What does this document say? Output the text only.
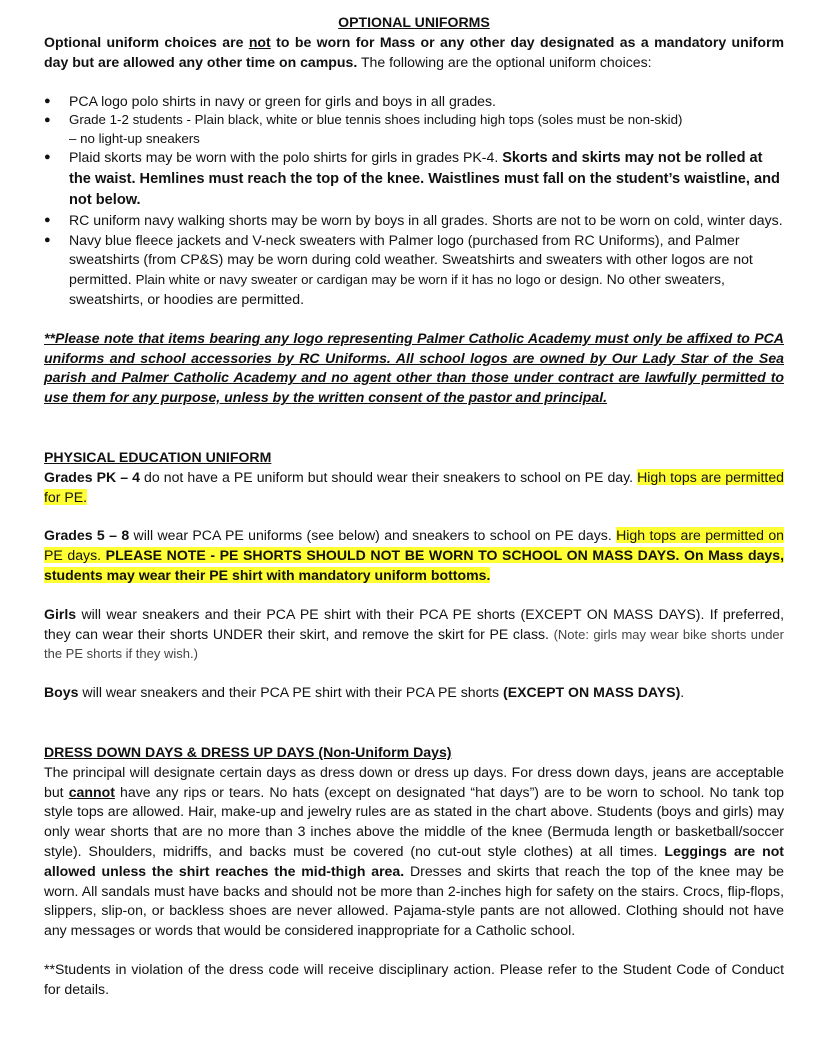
OPTIONAL UNIFORMS
Optional uniform choices are not to be worn for Mass or any other day designated as a mandatory uniform day but are allowed any other time on campus. The following are the optional uniform choices:
● PCA logo polo shirts in navy or green for girls and boys in all grades.
● Grade 1-2 students - Plain black, white or blue tennis shoes including high tops (soles must be non-skid)
– no light-up sneakers
● Plaid skorts may be worn with the polo shirts for girls in grades PK-4. Skorts and skirts may not be rolled at the waist. Hemlines must reach the top of the knee. Waistlines must fall on the student’s waistline, and not below.
● RC uniform navy walking shorts may be worn by boys in all grades. Shorts are not to be worn on cold, winter days.
● Navy blue fleece jackets and V-neck sweaters with Palmer logo (purchased from RC Uniforms), and Palmer sweatshirts (from CP&S) may be worn during cold weather. Sweatshirts and sweaters with other logos are not permitted. Plain white or navy sweater or cardigan may be worn if it has no logo or design. No other sweaters, sweatshirts, or hoodies are permitted.
**Please note that items bearing any logo representing Palmer Catholic Academy must only be affixed to PCA uniforms and school accessories by RC Uniforms. All school logos are owned by Our Lady Star of the Sea parish and Palmer Catholic Academy and no agent other than those under contract are lawfully permitted to use them for any purpose, unless by the written consent of the pastor and principal.
PHYSICAL EDUCATION UNIFORM
Grades PK – 4 do not have a PE uniform but should wear their sneakers to school on PE day. High tops are permitted for PE.
Grades 5 – 8 will wear PCA PE uniforms (see below) and sneakers to school on PE days. High tops are permitted on PE days. PLEASE NOTE - PE SHORTS SHOULD NOT BE WORN TO SCHOOL ON MASS DAYS. On Mass days, students may wear their PE shirt with mandatory uniform bottoms.
Girls will wear sneakers and their PCA PE shirt with their PCA PE shorts (EXCEPT ON MASS DAYS). If preferred, they can wear their shorts UNDER their skirt, and remove the skirt for PE class. (Note: girls may wear bike shorts under the PE shorts if they wish.)
Boys will wear sneakers and their PCA PE shirt with their PCA PE shorts (EXCEPT ON MASS DAYS).
DRESS DOWN DAYS & DRESS UP DAYS (Non-Uniform Days)
The principal will designate certain days as dress down or dress up days. For dress down days, jeans are acceptable but cannot have any rips or tears. No hats (except on designated “hat days”) are to be worn to school. No tank top style tops are allowed. Hair, make-up and jewelry rules are as stated in the chart above. Students (boys and girls) may only wear shorts that are no more than 3 inches above the middle of the knee (Bermuda length or basketball/soccer style). Shoulders, midriffs, and backs must be covered (no cut-out style clothes) at all times. Leggings are not allowed unless the shirt reaches the mid-thigh area. Dresses and skirts that reach the top of the knee may be worn. All sandals must have backs and should not be more than 2-inches high for safety on the stairs. Crocs, flip-flops, slippers, slip-on, or backless shoes are never allowed. Pajama-style pants are not allowed. Clothing should not have any messages or words that would be considered inappropriate for a Catholic school.
**Students in violation of the dress code will receive disciplinary action. Please refer to the Student Code of Conduct for details.
